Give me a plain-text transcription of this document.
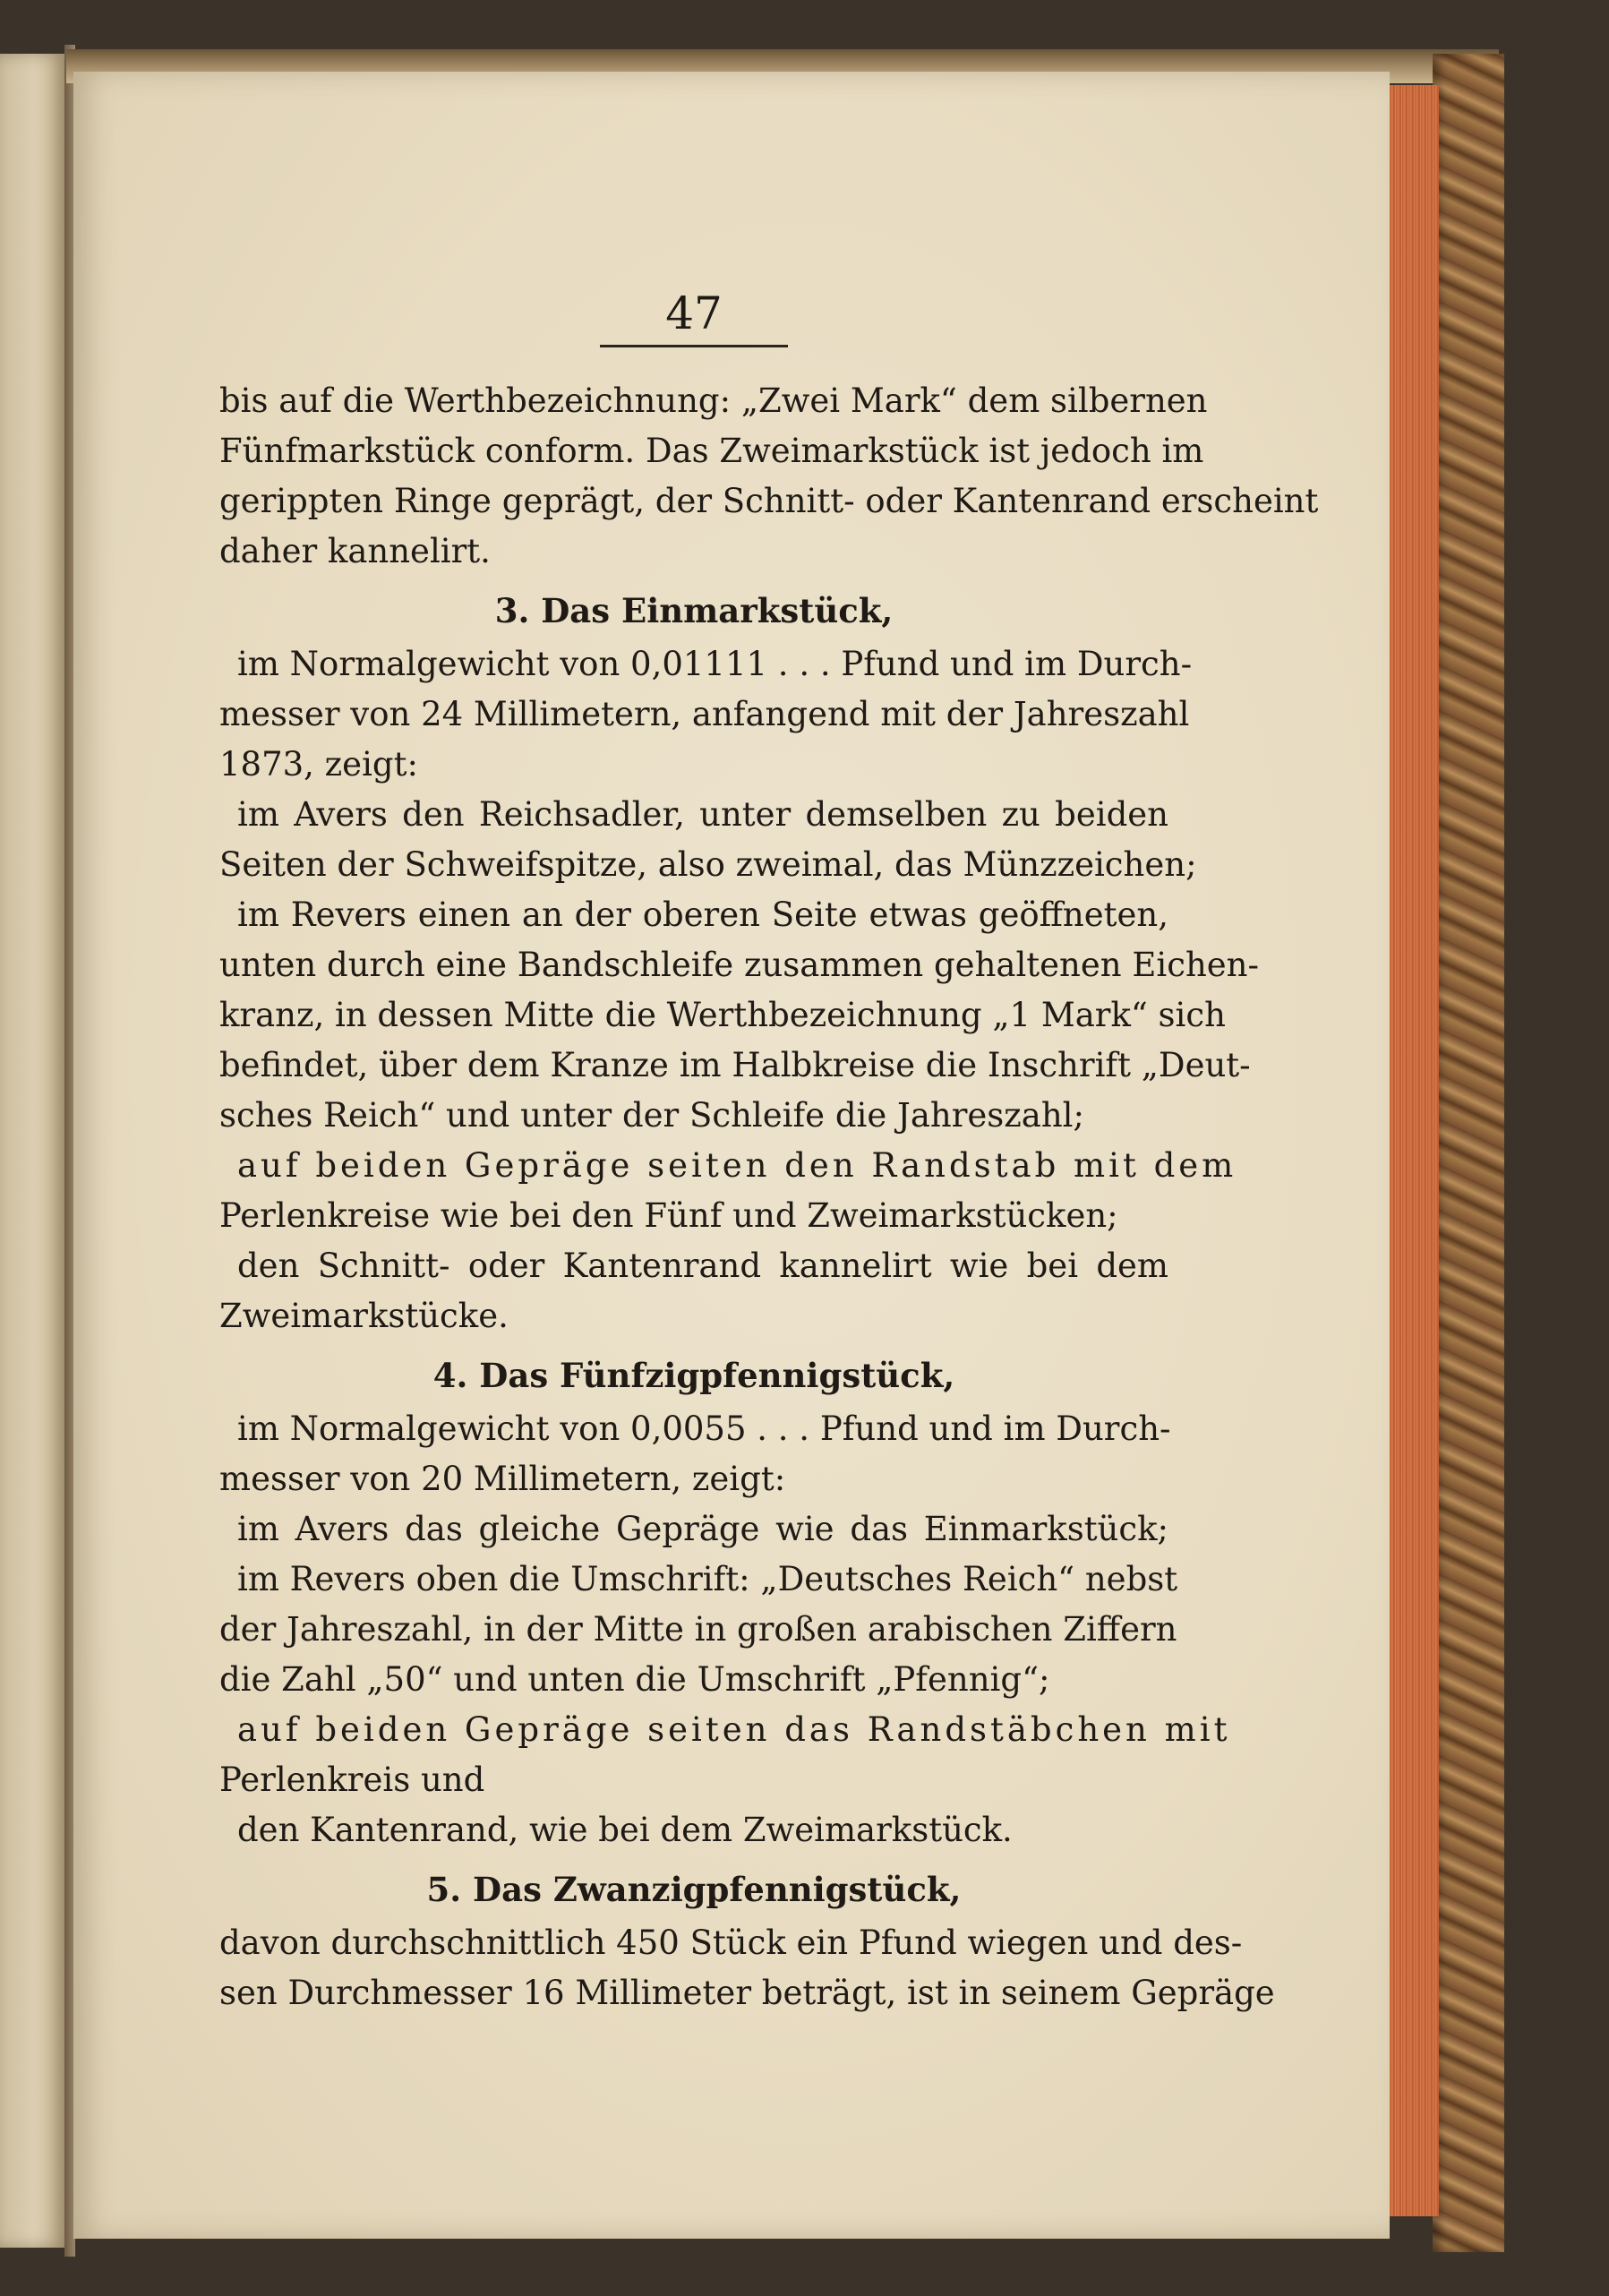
47
bis auf die Werthbezeichnung: „Zwei Mark“ dem silbernen
Fünfmarkstück conform. Das Zweimarkstück ist jedoch im
gerippten Ringe geprägt, der Schnitt- oder Kantenrand erscheint
daher kannelirt.
3. Das Einmarkstück,
im Normalgewicht von 0,01111 . . . Pfund und im Durch-
messer von 24 Millimetern, anfangend mit der Jahreszahl
1873, zeigt:
im Avers den Reichsadler, unter demselben zu beiden
Seiten der Schweifspitze, also zweimal, das Münzzeichen;
im Revers einen an der oberen Seite etwas geöffneten,
unten durch eine Bandschleife zusammen gehaltenen Eichen-
kranz, in dessen Mitte die Werthbezeichnung „1 Mark“ sich
befindet, über dem Kranze im Halbkreise die Inschrift „Deut-
sches Reich“ und unter der Schleife die Jahreszahl;
auf beiden Gepräge seiten den Randstab mit dem
Perlenkreise wie bei den Fünf und Zweimarkstücken;
den Schnitt- oder Kantenrand kannelirt wie bei dem
Zweimarkstücke.
4. Das Fünfzigpfennigstück,
im Normalgewicht von 0,0055 . . . Pfund und im Durch-
messer von 20 Millimetern, zeigt:
im Avers das gleiche Gepräge wie das Einmarkstück;
im Revers oben die Umschrift: „Deutsches Reich“ nebst
der Jahreszahl, in der Mitte in großen arabischen Ziffern
die Zahl „50“ und unten die Umschrift „Pfennig“;
auf beiden Gepräge seiten das Randstäbchen mit
Perlenkreis und
den Kantenrand, wie bei dem Zweimarkstück.
5. Das Zwanzigpfennigstück,
davon durchschnittlich 450 Stück ein Pfund wiegen und des-
sen Durchmesser 16 Millimeter beträgt, ist in seinem Gepräge
